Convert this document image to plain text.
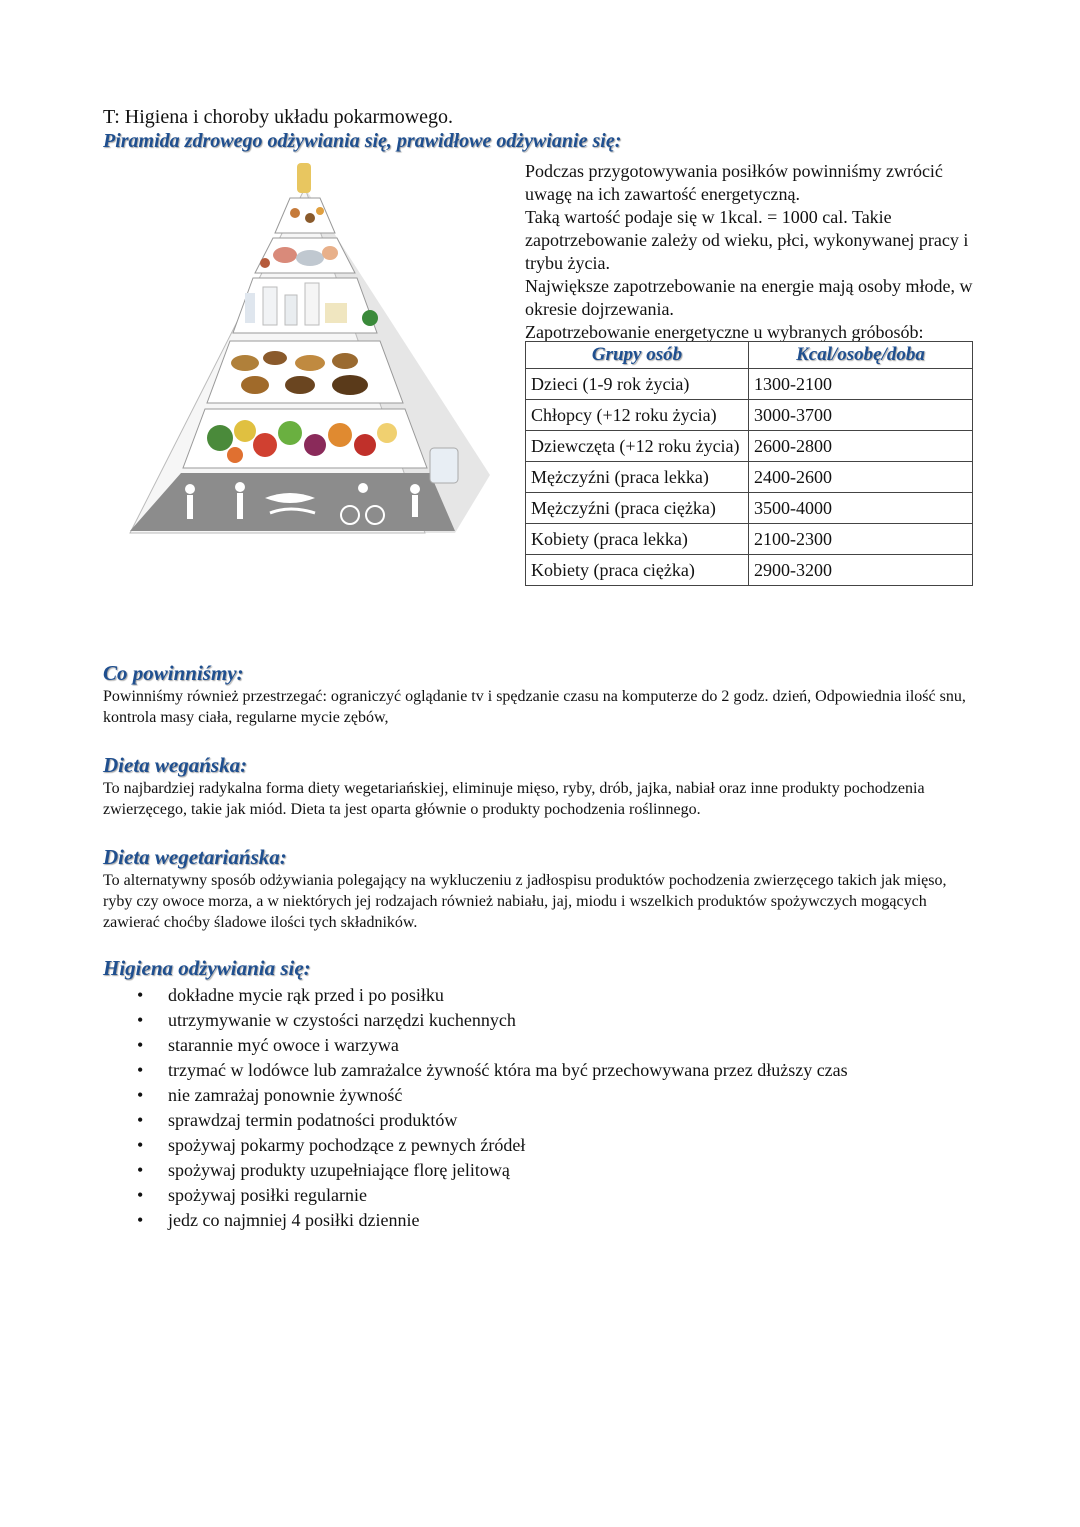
T: Higiena i choroby układu pokarmowego.
Piramida zdrowego odżywiania się, prawidłowe odżywianie się:

Podczas przygotowywania posiłków powinniśmy zwrócić uwagę na ich zawartość energetyczną.

Taką wartość podaje się w 1kcal. = 1000 cal. Takie zapotrzebowanie zależy od wieku, płci, wykonywanej pracy i trybu życia.

Największe zapotrzebowanie na energie mają osoby młode, w okresie dojrzewania.

Zapotrzebowanie energetyczne u wybranych gróbosób:

Grupy osób	Kcal/osobę/doba
Dzieci (1-9 rok życia)	1300-2100
Chłopcy (+12 roku życia)	3000-3700
Dziewczęta (+12 roku życia)	2600-2800
Mężczyźni (praca lekka)	2400-2600
Mężczyźni (praca ciężka)	3500-4000
Kobiety (praca lekka)	2100-2300
Kobiety (praca ciężka)	2900-3200
Co powinniśmy:
Powinniśmy również przestrzegać: ograniczyć oglądanie tv i spędzanie czasu na komputerze do 2 godz. dzień, Odpowiednia ilość snu, kontrola masy ciała, regularne mycie zębów,
Dieta wegańska:
To najbardziej radykalna forma diety wegetariańskiej, eliminuje mięso, ryby, drób, jajka, nabiał oraz inne produkty pochodzenia zwierzęcego, takie jak miód. Dieta ta jest oparta głównie o produkty pochodzenia roślinnego.
Dieta wegetariańska:
To alternatywny sposób odżywiania polegający na wykluczeniu z jadłospisu produktów pochodzenia zwierzęcego takich jak mięso, ryby czy owoce morza, a w niektórych jej rodzajach również nabiału, jaj, miodu i wszelkich produktów spożywczych mogących zawierać choćby śladowe ilości tych składników.
Higiena odżywiania się:
• dokładne mycie rąk przed i po posiłku
• utrzymywanie w czystości narzędzi kuchennych
• starannie myć owoce i warzywa
• trzymać w lodówce lub zamrażalce żywność która ma być przechowywana przez dłuższy czas
• nie zamrażaj ponownie żywność
• sprawdzaj termin podatności produktów
• spożywaj pokarmy pochodzące z pewnych źródeł
• spożywaj produkty uzupełniające florę jelitową
• spożywaj posiłki regularnie
• jedz co najmniej 4 posiłki dziennie
